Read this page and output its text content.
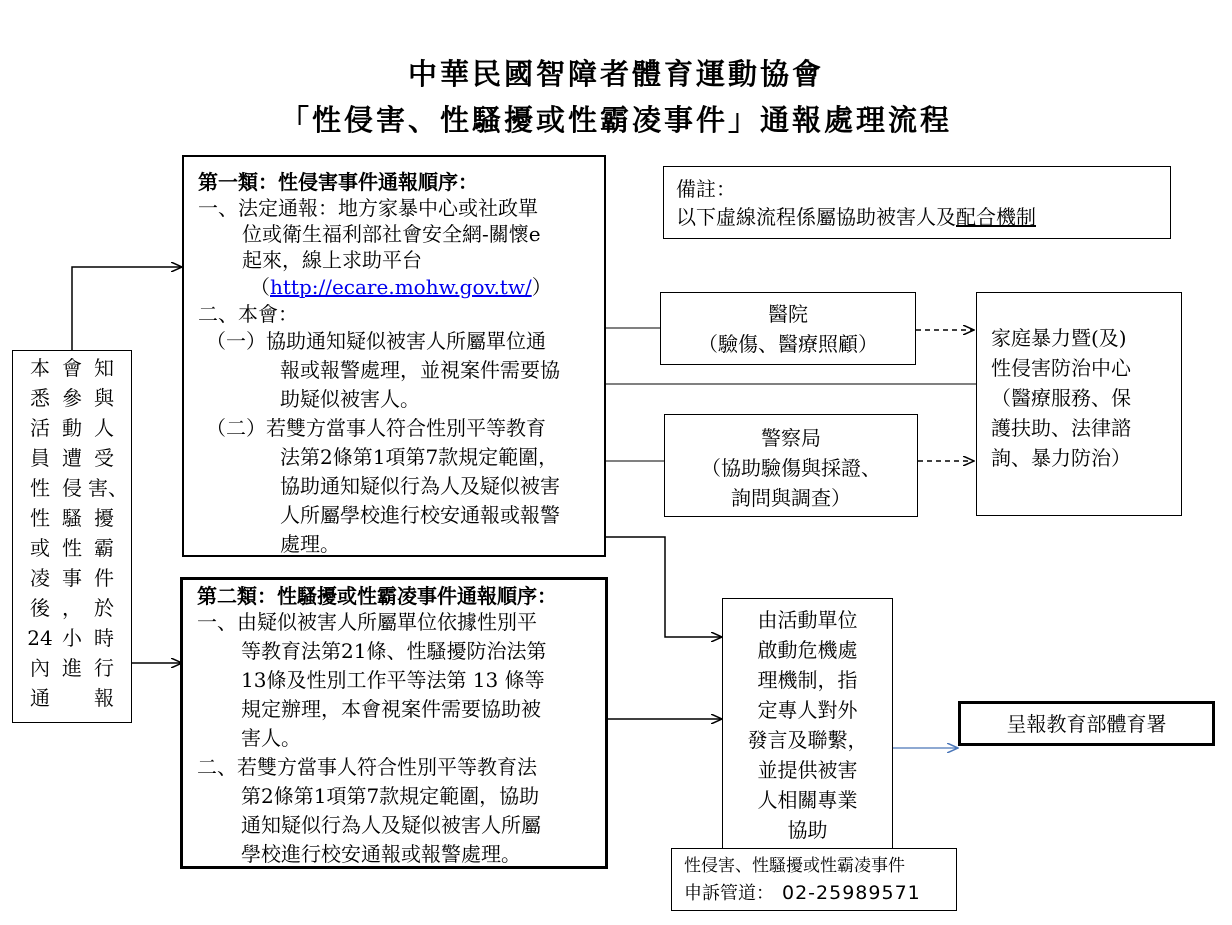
中華民國智障者體育運動協會
「性侵害、性騷擾或性霸凌事件」通報處理流程
本 會 知
悉 參 與
活 動 人
員 遭 受
性 侵 害、
性 騷 擾
或 性 霸
凌 事 件
後 ， 於
24 小 時
內 進 行
通	報
第一類：性侵害事件通報順序：
一、法定通報：地方家暴中心或社政單
位或衛生福利部社會安全網-關懷e
起來，線上求助平台
（http://ecare.mohw.gov.tw/）
二、本會：
（一）協助通知疑似被害人所屬單位通
報或報警處理，並視案件需要協
助疑似被害人。
（二）若雙方當事人符合性別平等教育
法第2條第1項第7款規定範圍，
協助通知疑似行為人及疑似被害
人所屬學校進行校安通報或報警
處理。
第二類：性騷擾或性霸凌事件通報順序：
一、由疑似被害人所屬單位依據性別平
等教育法第21條、性騷擾防治法第
13條及性別工作平等法第 13 條等
規定辦理，本會視案件需要協助被
害人。
二、若雙方當事人符合性別平等教育法
第2條第1項第7款規定範圍，協助
通知疑似行為人及疑似被害人所屬
學校進行校安通報或報警處理。
備註：
以下虛線流程係屬協助被害人及配合機制
醫院
（驗傷、醫療照顧）
警察局
（協助驗傷與採證、
詢問與調查）
家庭暴力暨(及)
性侵害防治中心
（醫療服務、保
護扶助、法律諮
詢、暴力防治）
由活動單位
啟動危機處
理機制，指
定專人對外
發言及聯繫，
並提供被害
人相關專業
協助
呈報教育部體育署
性侵害、性騷擾或性霸凌事件
申訴管道： 02-25989571
